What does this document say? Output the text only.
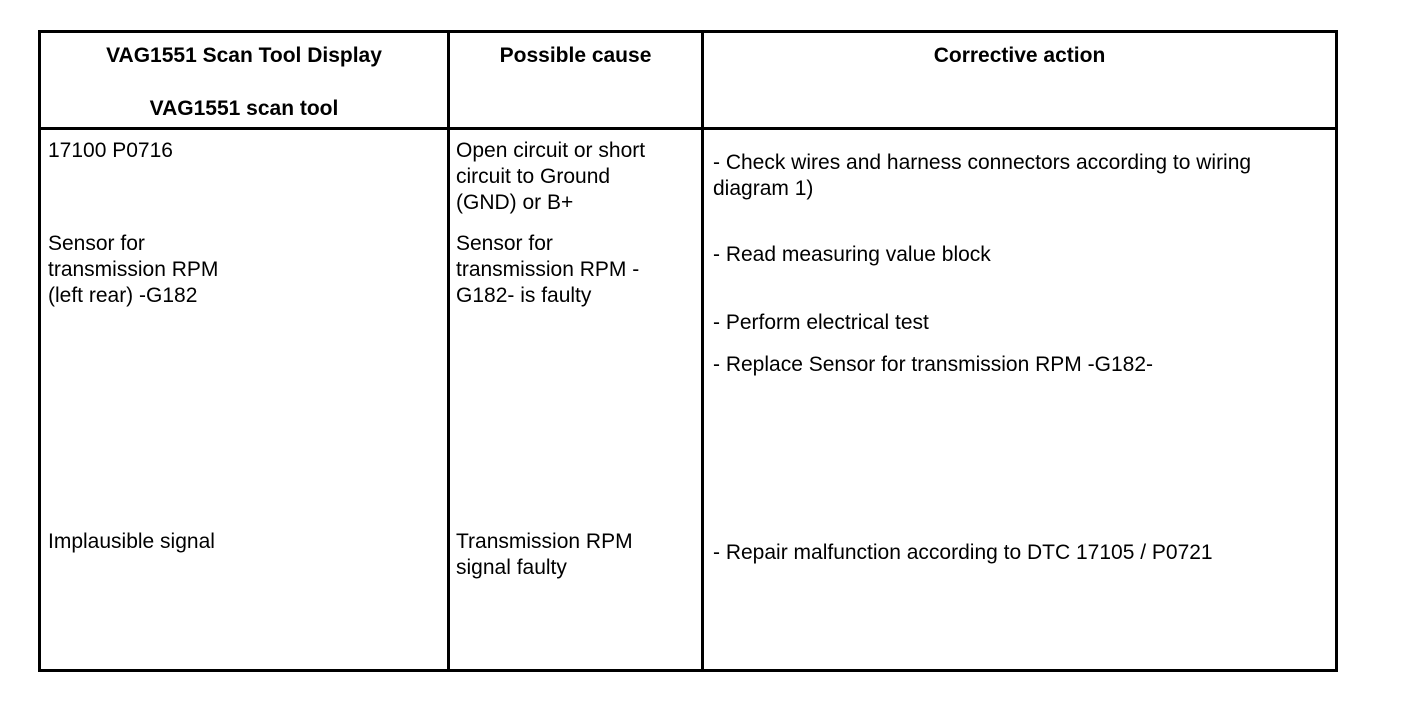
VAG1551 Scan Tool Display
VAG1551 scan tool
Possible cause	Corrective action
17100 P0716
Sensor for
transmission RPM
(left rear) -G182
Implausible signal
Open circuit or short
circuit to Ground
(GND) or B+
Sensor for
transmission RPM -
G182- is faulty
Transmission RPM
signal faulty
- Check wires and harness connectors according to wiring
diagram 1)
- Read measuring value block
- Perform electrical test
- Replace Sensor for transmission RPM -G182-
- Repair malfunction according to DTC 17105 / P0721
